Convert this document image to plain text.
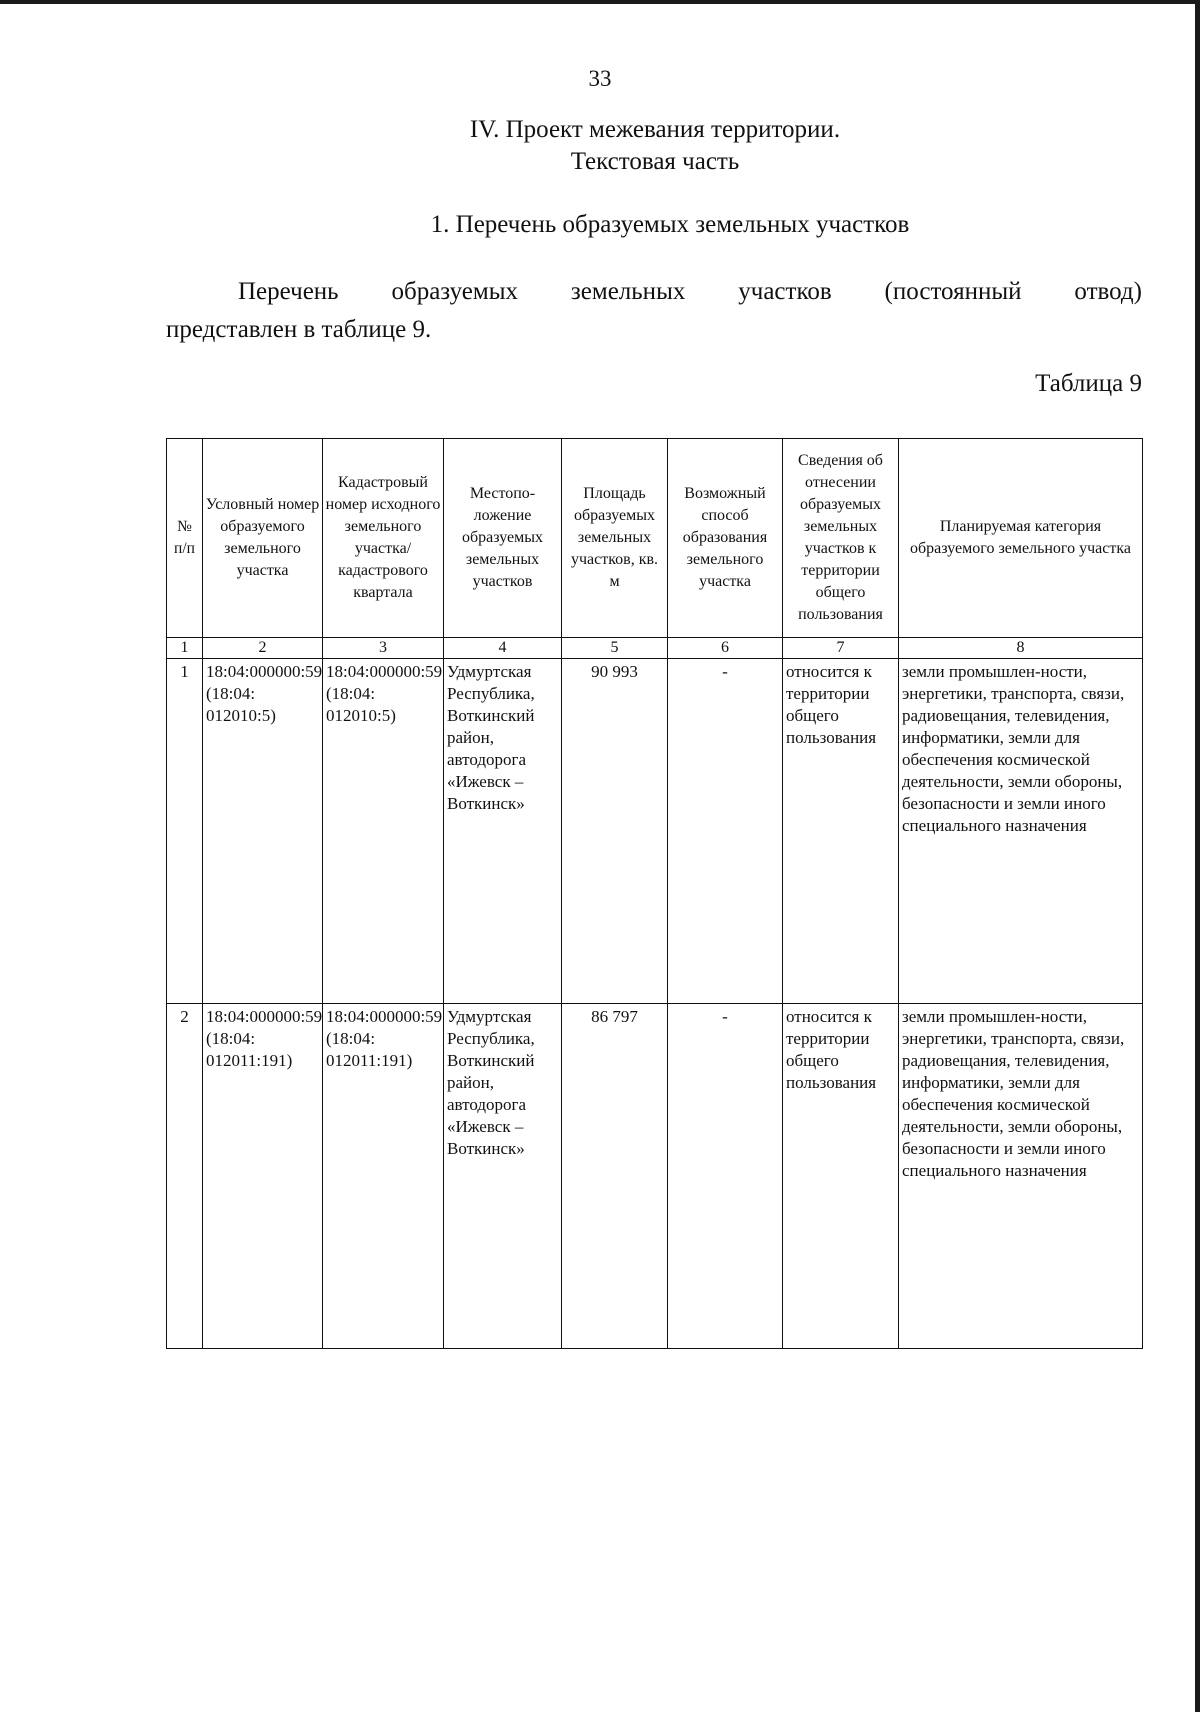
33
IV. Проект межевания территории.
Текстовая часть
1. Перечень образуемых земельных участков
Перечень образуемых земельных участков (постоянный отвод)
представлен в таблице 9.
Таблица 9
№ п/п	Условный номер образуемого земельного участка	Кадастровый номер исходного земельного участка/ кадастрового квартала	Местопо-ложение образуемых земельных участков	Площадь образуемых земельных участков, кв. м	Возможный способ образования земельного участка	Сведения об отнесении образуемых земельных участков к территории общего пользования	Планируемая категория образуемого земельного участка
1	2	3	4	5	6	7	8
1	18:04:000000:59 (18:04: 012010:5)	18:04:000000:59 (18:04: 012010:5)	Удмуртская Республика, Воткинский район, автодорога «Ижевск – Воткинск»	90 993	-	относится к территории общего пользования	земли промышлен-ности, энергетики, транспорта, связи, радиовещания, телевидения, информатики, земли для обеспечения космической деятельности, земли обороны, безопасности и земли иного специального назначения
2	18:04:000000:59 (18:04: 012011:191)	18:04:000000:59 (18:04: 012011:191)	Удмуртская Республика, Воткинский район, автодорога «Ижевск – Воткинск»	86 797	-	относится к территории общего пользования	земли промышлен-ности, энергетики, транспорта, связи, радиовещания, телевидения, информатики, земли для обеспечения космической деятельности, земли обороны, безопасности и земли иного специального назначения
